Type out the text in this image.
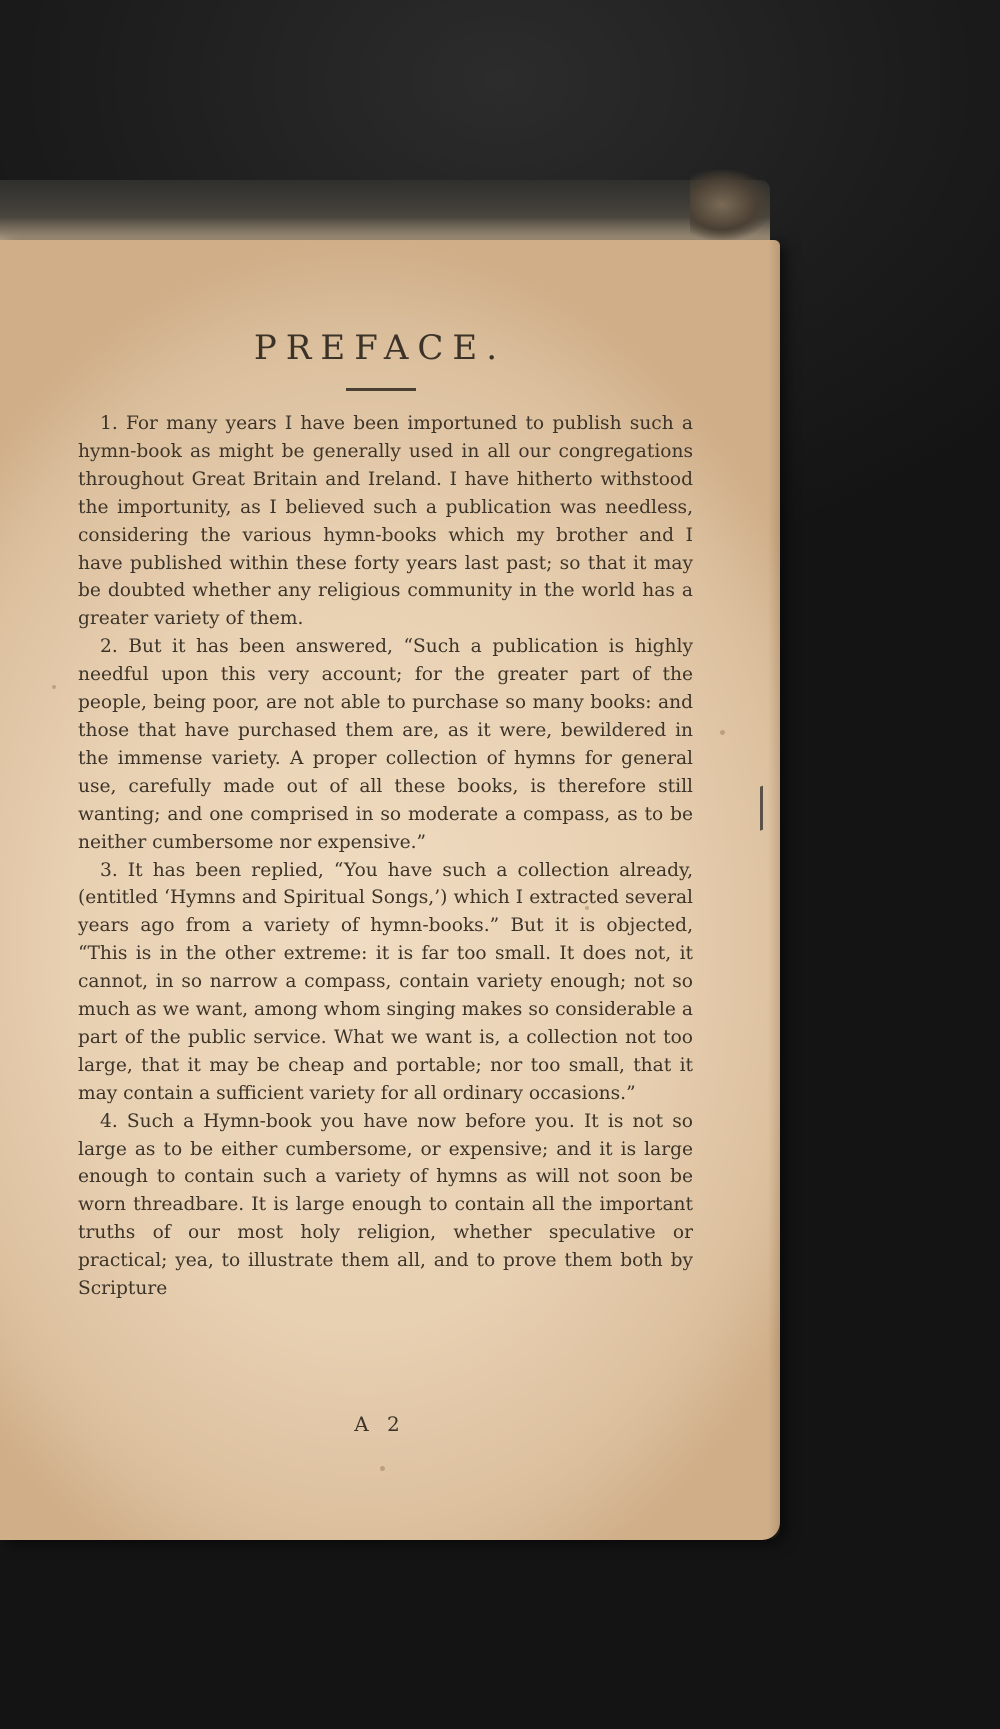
PREFACE.

1. For many years I have been importuned to publish such a hymn-book as might be generally used in all our congregations throughout Great Britain and Ireland. I have hitherto withstood the importunity, as I believed such a publication was needless, considering the various hymn-books which my brother and I have published within these forty years last past; so that it may be doubted whether any religious community in the world has a greater variety of them.

2. But it has been answered, “Such a publication is highly needful upon this very account; for the greater part of the people, being poor, are not able to purchase so many books: and those that have purchased them are, as it were, bewildered in the immense variety. A proper collection of hymns for general use, carefully made out of all these books, is therefore still wanting; and one comprised in so moderate a compass, as to be neither cumbersome nor expensive.”

3. It has been replied, “You have such a collection already, (entitled ‘Hymns and Spiritual Songs,’) which I extracted several years ago from a variety of hymn-books.” But it is objected, “This is in the other extreme: it is far too small. It does not, it cannot, in so narrow a compass, contain variety enough; not so much as we want, among whom singing makes so considerable a part of the public service. What we want is, a collection not too large, that it may be cheap and portable; nor too small, that it may contain a sufficient variety for all ordinary occasions.”

4. Such a Hymn-book you have now before you. It is not so large as to be either cumbersome, or expensive; and it is large enough to contain such a variety of hymns as will not soon be worn threadbare. It is large enough to contain all the important truths of our most holy religion, whether speculative or practical; yea, to illustrate them all, and to prove them both by Scripture

A 2
